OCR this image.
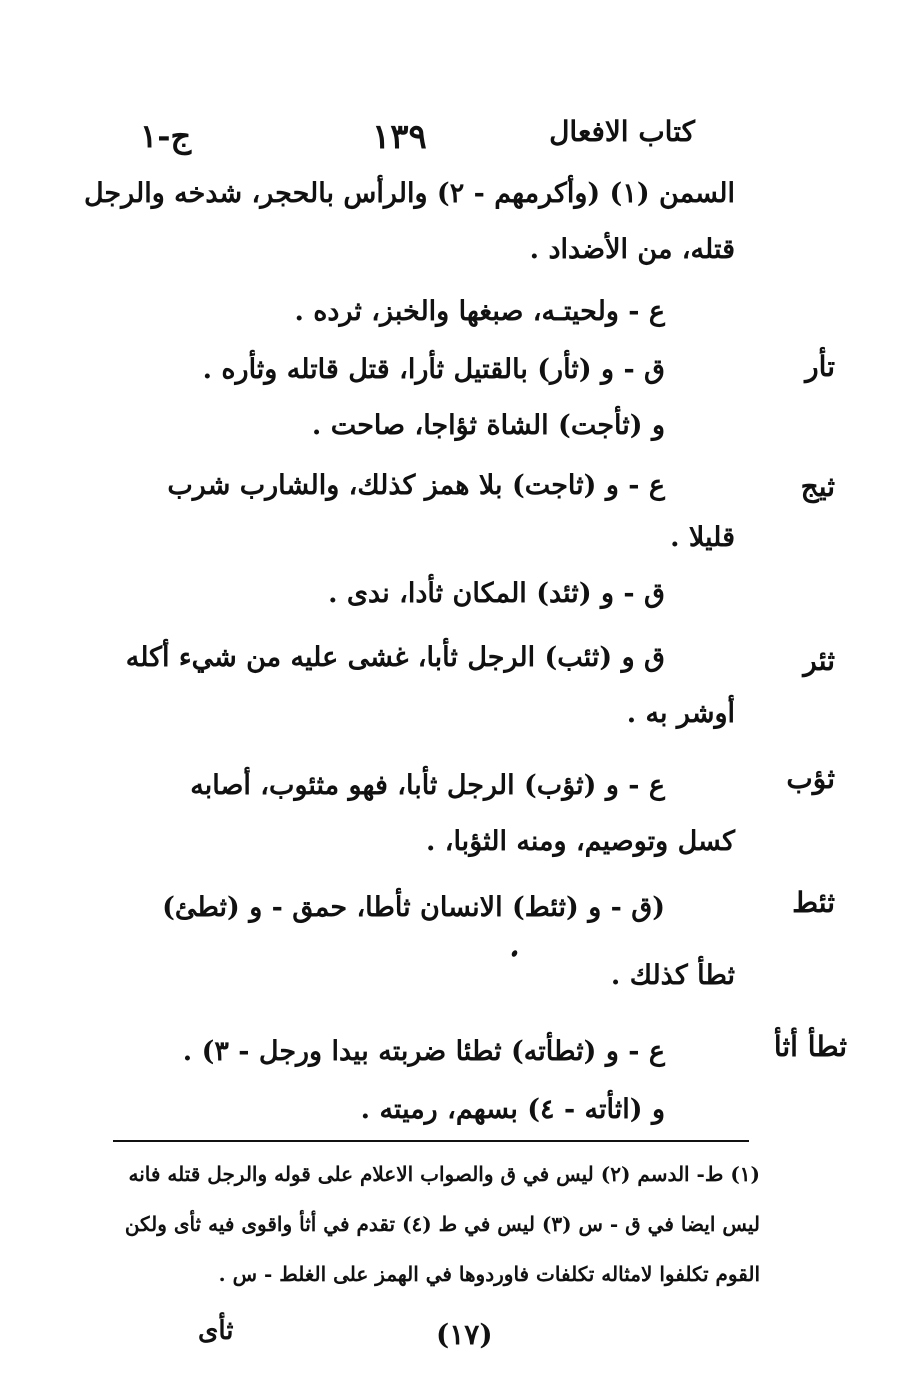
كتاب الافعال
١٣٩
ج-١
السمن (١) (وأكرمهم - ٢) والرأس بالحجر، شدخه والرجل
قتله، من الأضداد .
ع - ولحيتـه، صبغها والخبز، ثرده .
ق - و (ثأر) بالقتيل ثأرا، قتل قاتله وثأره .
و (ثأجت) الشاة ثؤاجا، صاحت .
ع - و (ثاجت) بلا همز كذلك، والشارب شرب
قليلا .
ق - و (ثئد) المكان ثأدا، ندى .
ق و (ثئب) الرجل ثأبا، غشى عليه من شيء أكله
أوشر به .
ع - و (ثؤب) الرجل ثأبا، فهو مثئوب، أصابه
كسل وتوصيم، ومنه الثؤبا، .
(ق - و (ثئط) الانسان ثأطا، حمق - و (ثطئ)
ثطأ كذلك .
ع - و (ثطأته) ثطئا ضربته بيدا ورجل - ٣) .
و (اثأته - ٤) بسهم، رميته .
تأر
ثيج
ثئر
ثؤب
ثئط
ثطأ أثأ
(١) ط- الدسم (٢) ليس في ق والصواب الاعلام على قوله والرجل قتله فانه
ليس ايضا في ق - س (٣) ليس في ط (٤) تقدم في أثأ واقوى فيه ثأى ولكن
القوم تكلفوا لامثاله تكلفات فاوردوها في الهمز على الغلط - س .
(١٧)
ثأى
